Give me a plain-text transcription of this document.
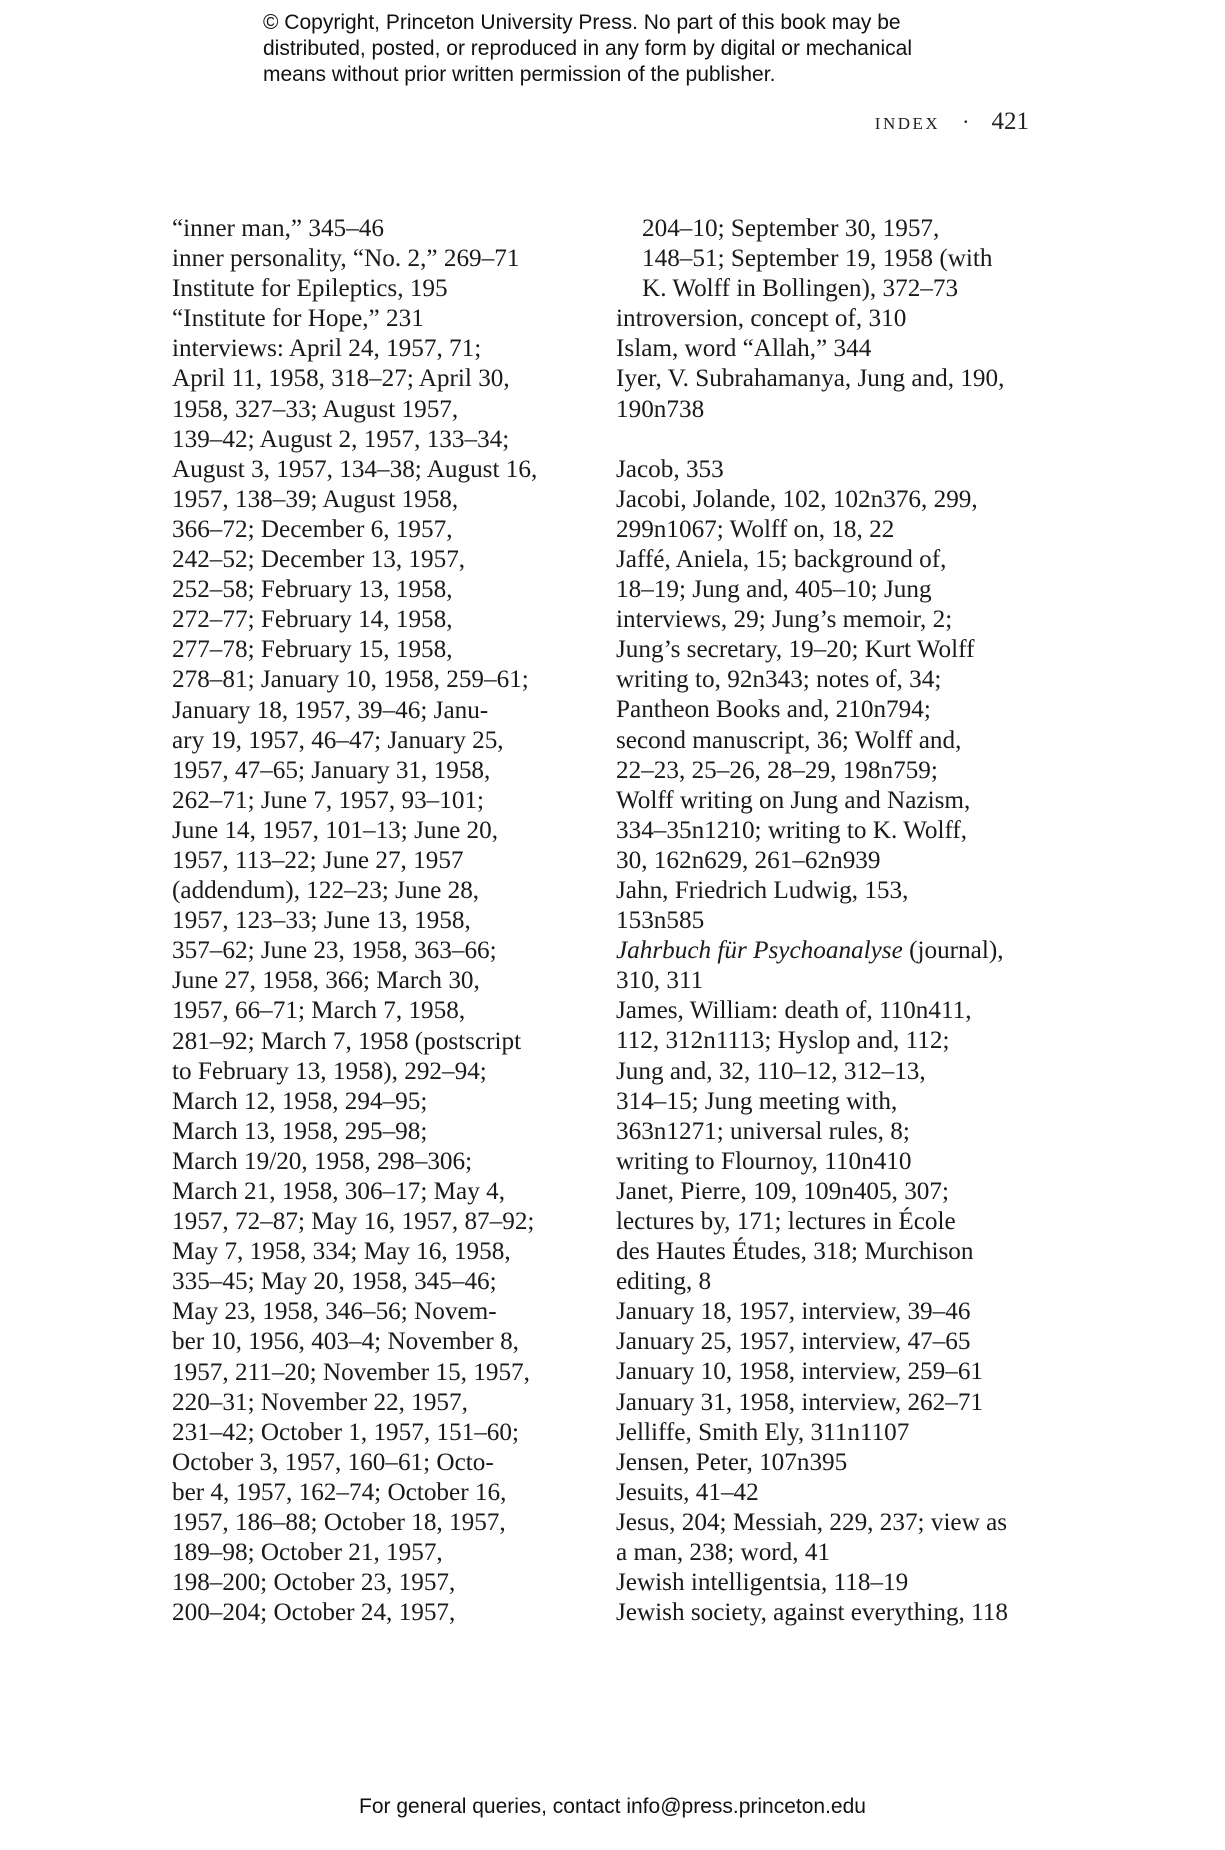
© Copyright, Princeton University Press. No part of this book may be
distributed, posted, or reproduced in any form by digital or mechanical
means without prior written permission of the publisher.
INDEX · 421
“inner man,” 345–46
inner personality, “No. 2,” 269–71
Institute for Epileptics, 195
“Institute for Hope,” 231
interviews: April 24, 1957, 71;
April 11, 1958, 318–27; April 30,
1958, 327–33; August 1957,
139–42; August 2, 1957, 133–34;
August 3, 1957, 134–38; August 16,
1957, 138–39; August 1958,
366–72; December 6, 1957,
242–52; December 13, 1957,
252–58; February 13, 1958,
272–77; February 14, 1958,
277–78; February 15, 1958,
278–81; January 10, 1958, 259–61;
January 18, 1957, 39–46; Janu-
ary 19, 1957, 46–47; January 25,
1957, 47–65; January 31, 1958,
262–71; June 7, 1957, 93–101;
June 14, 1957, 101–13; June 20,
1957, 113–22; June 27, 1957
(addendum), 122–23; June 28,
1957, 123–33; June 13, 1958,
357–62; June 23, 1958, 363–66;
June 27, 1958, 366; March 30,
1957, 66–71; March 7, 1958,
281–92; March 7, 1958 (postscript
to February 13, 1958), 292–94;
March 12, 1958, 294–95;
March 13, 1958, 295–98;
March 19/20, 1958, 298–306;
March 21, 1958, 306–17; May 4,
1957, 72–87; May 16, 1957, 87–92;
May 7, 1958, 334; May 16, 1958,
335–45; May 20, 1958, 345–46;
May 23, 1958, 346–56; Novem-
ber 10, 1956, 403–4; November 8,
1957, 211–20; November 15, 1957,
220–31; November 22, 1957,
231–42; October 1, 1957, 151–60;
October 3, 1957, 160–61; Octo-
ber 4, 1957, 162–74; October 16,
1957, 186–88; October 18, 1957,
189–98; October 21, 1957,
198–200; October 23, 1957,
200–204; October 24, 1957,
204–10; September 30, 1957,
148–51; September 19, 1958 (with
K. Wolff in Bollingen), 372–73
introversion, concept of, 310
Islam, word “Allah,” 344
Iyer, V. Subrahamanya, Jung and, 190,
190n738
Jacob, 353
Jacobi, Jolande, 102, 102n376, 299,
299n1067; Wolff on, 18, 22
Jaffé, Aniela, 15; background of,
18–19; Jung and, 405–10; Jung
interviews, 29; Jung’s memoir, 2;
Jung’s secretary, 19–20; Kurt Wolff
writing to, 92n343; notes of, 34;
Pantheon Books and, 210n794;
second manuscript, 36; Wolff and,
22–23, 25–26, 28–29, 198n759;
Wolff writing on Jung and Nazism,
334–35n1210; writing to K. Wolff,
30, 162n629, 261–62n939
Jahn, Friedrich Ludwig, 153,
153n585
Jahrbuch für Psychoanalyse (journal),
310, 311
James, William: death of, 110n411,
112, 312n1113; Hyslop and, 112;
Jung and, 32, 110–12, 312–13,
314–15; Jung meeting with,
363n1271; universal rules, 8;
writing to Flournoy, 110n410
Janet, Pierre, 109, 109n405, 307;
lectures by, 171; lectures in École
des Hautes Études, 318; Murchison
editing, 8
January 18, 1957, interview, 39–46
January 25, 1957, interview, 47–65
January 10, 1958, interview, 259–61
January 31, 1958, interview, 262–71
Jelliffe, Smith Ely, 311n1107
Jensen, Peter, 107n395
Jesuits, 41–42
Jesus, 204; Messiah, 229, 237; view as
a man, 238; word, 41
Jewish intelligentsia, 118–19
Jewish society, against everything, 118
For general queries, contact info@press.princeton.edu
